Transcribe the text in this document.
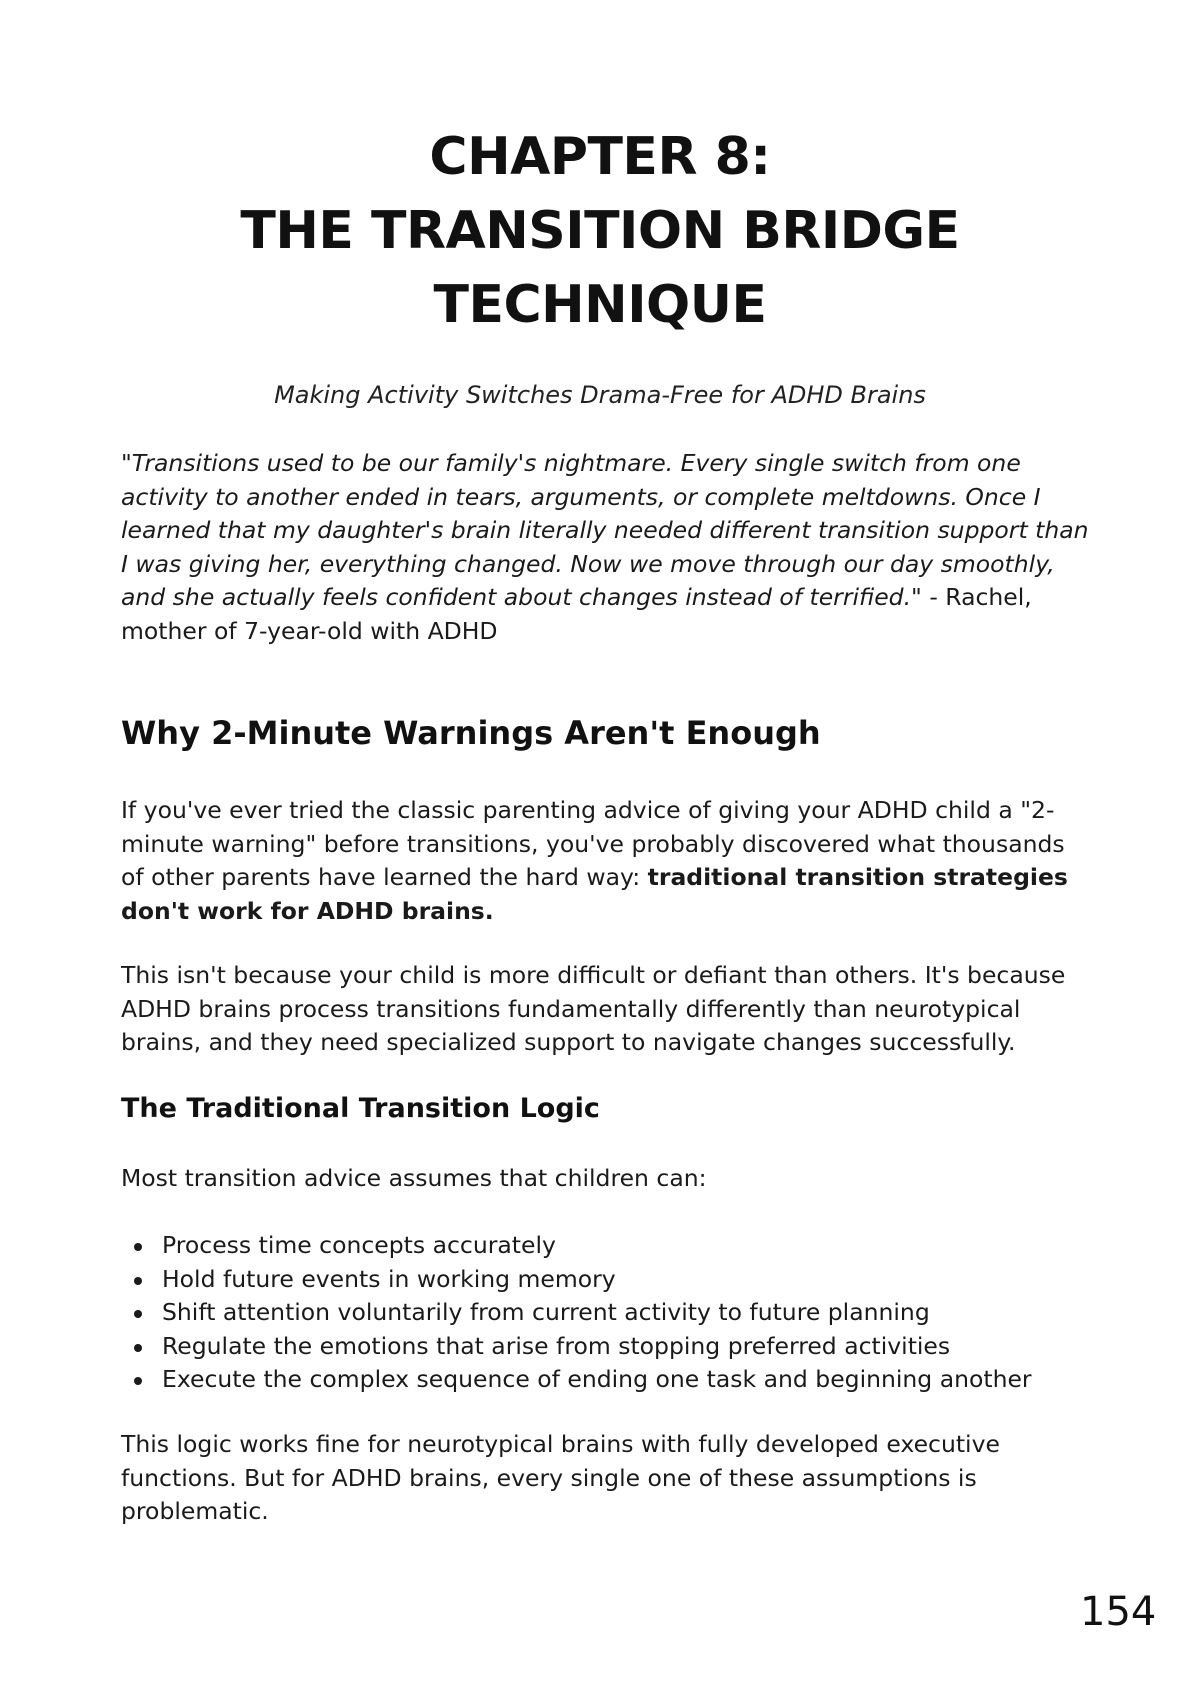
CHAPTER 8:
THE TRANSITION BRIDGE
TECHNIQUE

Making Activity Switches Drama-Free for ADHD Brains

"Transitions used to be our family's nightmare. Every single switch from one activity to another ended in tears, arguments, or complete meltdowns. Once I learned that my daughter's brain literally needed different transition support than I was giving her, everything changed. Now we move through our day smoothly, and she actually feels confident about changes instead of terrified." - Rachel, mother of 7-year-old with ADHD

Why 2-Minute Warnings Aren't Enough

If you've ever tried the classic parenting advice of giving your ADHD child a "2-minute warning" before transitions, you've probably discovered what thousands of other parents have learned the hard way: traditional transition strategies don't work for ADHD brains.

This isn't because your child is more difficult or defiant than others. It's because ADHD brains process transitions fundamentally differently than neurotypical brains, and they need specialized support to navigate changes successfully.

The Traditional Transition Logic

Most transition advice assumes that children can:

Process time concepts accurately
Hold future events in working memory
Shift attention voluntarily from current activity to future planning
Regulate the emotions that arise from stopping preferred activities
Execute the complex sequence of ending one task and beginning another

This logic works fine for neurotypical brains with fully developed executive functions. But for ADHD brains, every single one of these assumptions is problematic.

154
